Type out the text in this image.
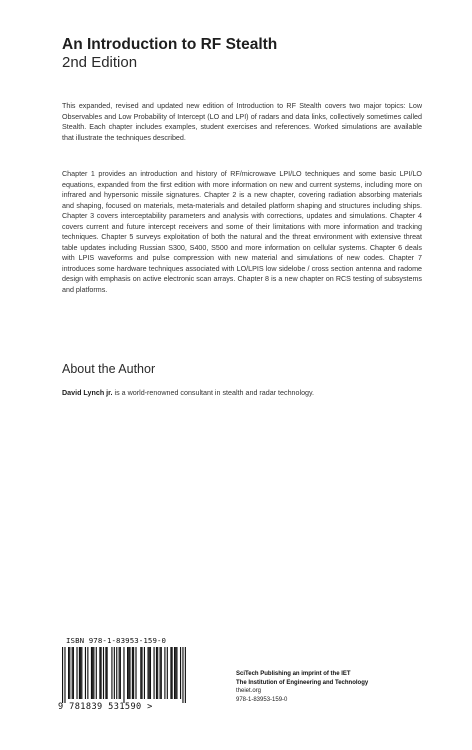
An Introduction to RF Stealth
2nd Edition
This expanded, revised and updated new edition of Introduction to RF Stealth covers two major topics: Low Observables and Low Probability of Intercept (LO and LPI) of radars and data links, collectively sometimes called Stealth. Each chapter includes examples, student exercises and references. Worked simulations are available that illustrate the techniques described.
Chapter 1 provides an introduction and history of RF/microwave LPI/LO techniques and some basic LPI/LO equations, expanded from the first edition with more information on new and current systems, including more on infrared and hypersonic missile signatures. Chapter 2 is a new chapter, covering radiation absorbing materials and shaping, focused on materials, meta-materials and detailed platform shaping and structures including ships. Chapter 3 covers interceptability parameters and analysis with corrections, updates and simulations. Chapter 4 covers current and future intercept receivers and some of their limitations with more information and tracking techniques. Chapter 5 surveys exploitation of both the natural and the threat environment with extensive threat table updates including Russian S300, S400, S500 and more information on cellular systems. Chapter 6 deals with LPIS waveforms and pulse compression with new material and simulations of new codes. Chapter 7 introduces some hardware techniques associated with LO/LPIS low sidelobe / cross section antenna and radome design with emphasis on active electronic scan arrays. Chapter 8 is a new chapter on RCS testing of subsystems and platforms.
About the Author
David Lynch jr. is a world-renowned consultant in stealth and radar technology.
ISBN 978-1-83953-159-0
9 781839 531590 >
SciTech Publishing an imprint of the IET
The Institution of Engineering and Technology
theiet.org
978-1-83953-159-0
